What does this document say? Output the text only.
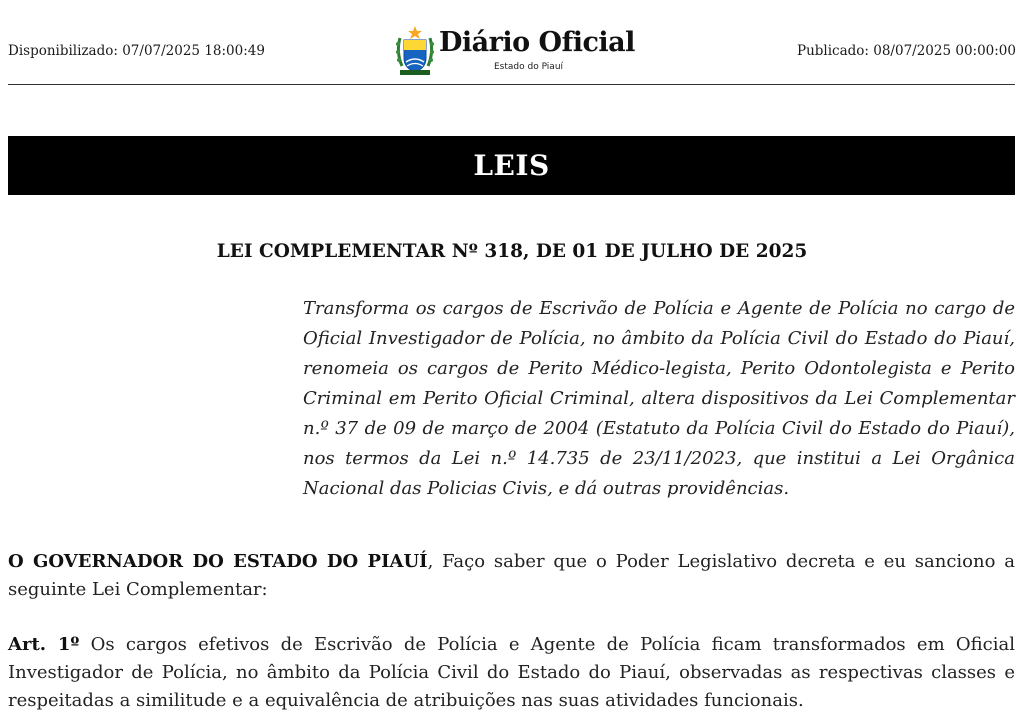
Disponibilizado: 07/07/2025 18:00:49	Diário Oficial
Estado do Piauí
Publicado: 08/07/2025 00:00:00
LEIS
LEI COMPLEMENTAR Nº 318, DE 01 DE JULHO DE 2025
Transforma os cargos de Escrivão de Polícia e Agente de Polícia no cargo de Oficial Investigador de Polícia, no âmbito da Polícia Civil do Estado do Piauí, renomeia os cargos de Perito Médico-legista, Perito Odontolegista e Perito Criminal em Perito Oficial Criminal, altera dispositivos da Lei Complementar n.º 37 de 09 de março de 2004 (Estatuto da Polícia Civil do Estado do Piauí), nos termos da Lei n.º 14.735 de 23/11/2023, que institui a Lei Orgânica Nacional das Policias Civis, e dá outras providências.
O GOVERNADOR DO ESTADO DO PIAUÍ, Faço saber que o Poder Legislativo decreta e eu sanciono a seguinte Lei Complementar:
Art. 1º Os cargos efetivos de Escrivão de Polícia e Agente de Polícia ficam transformados em Oficial Investigador de Polícia, no âmbito da Polícia Civil do Estado do Piauí, observadas as respectivas classes e respeitadas a similitude e a equivalência de atribuições nas suas atividades funcionais.
